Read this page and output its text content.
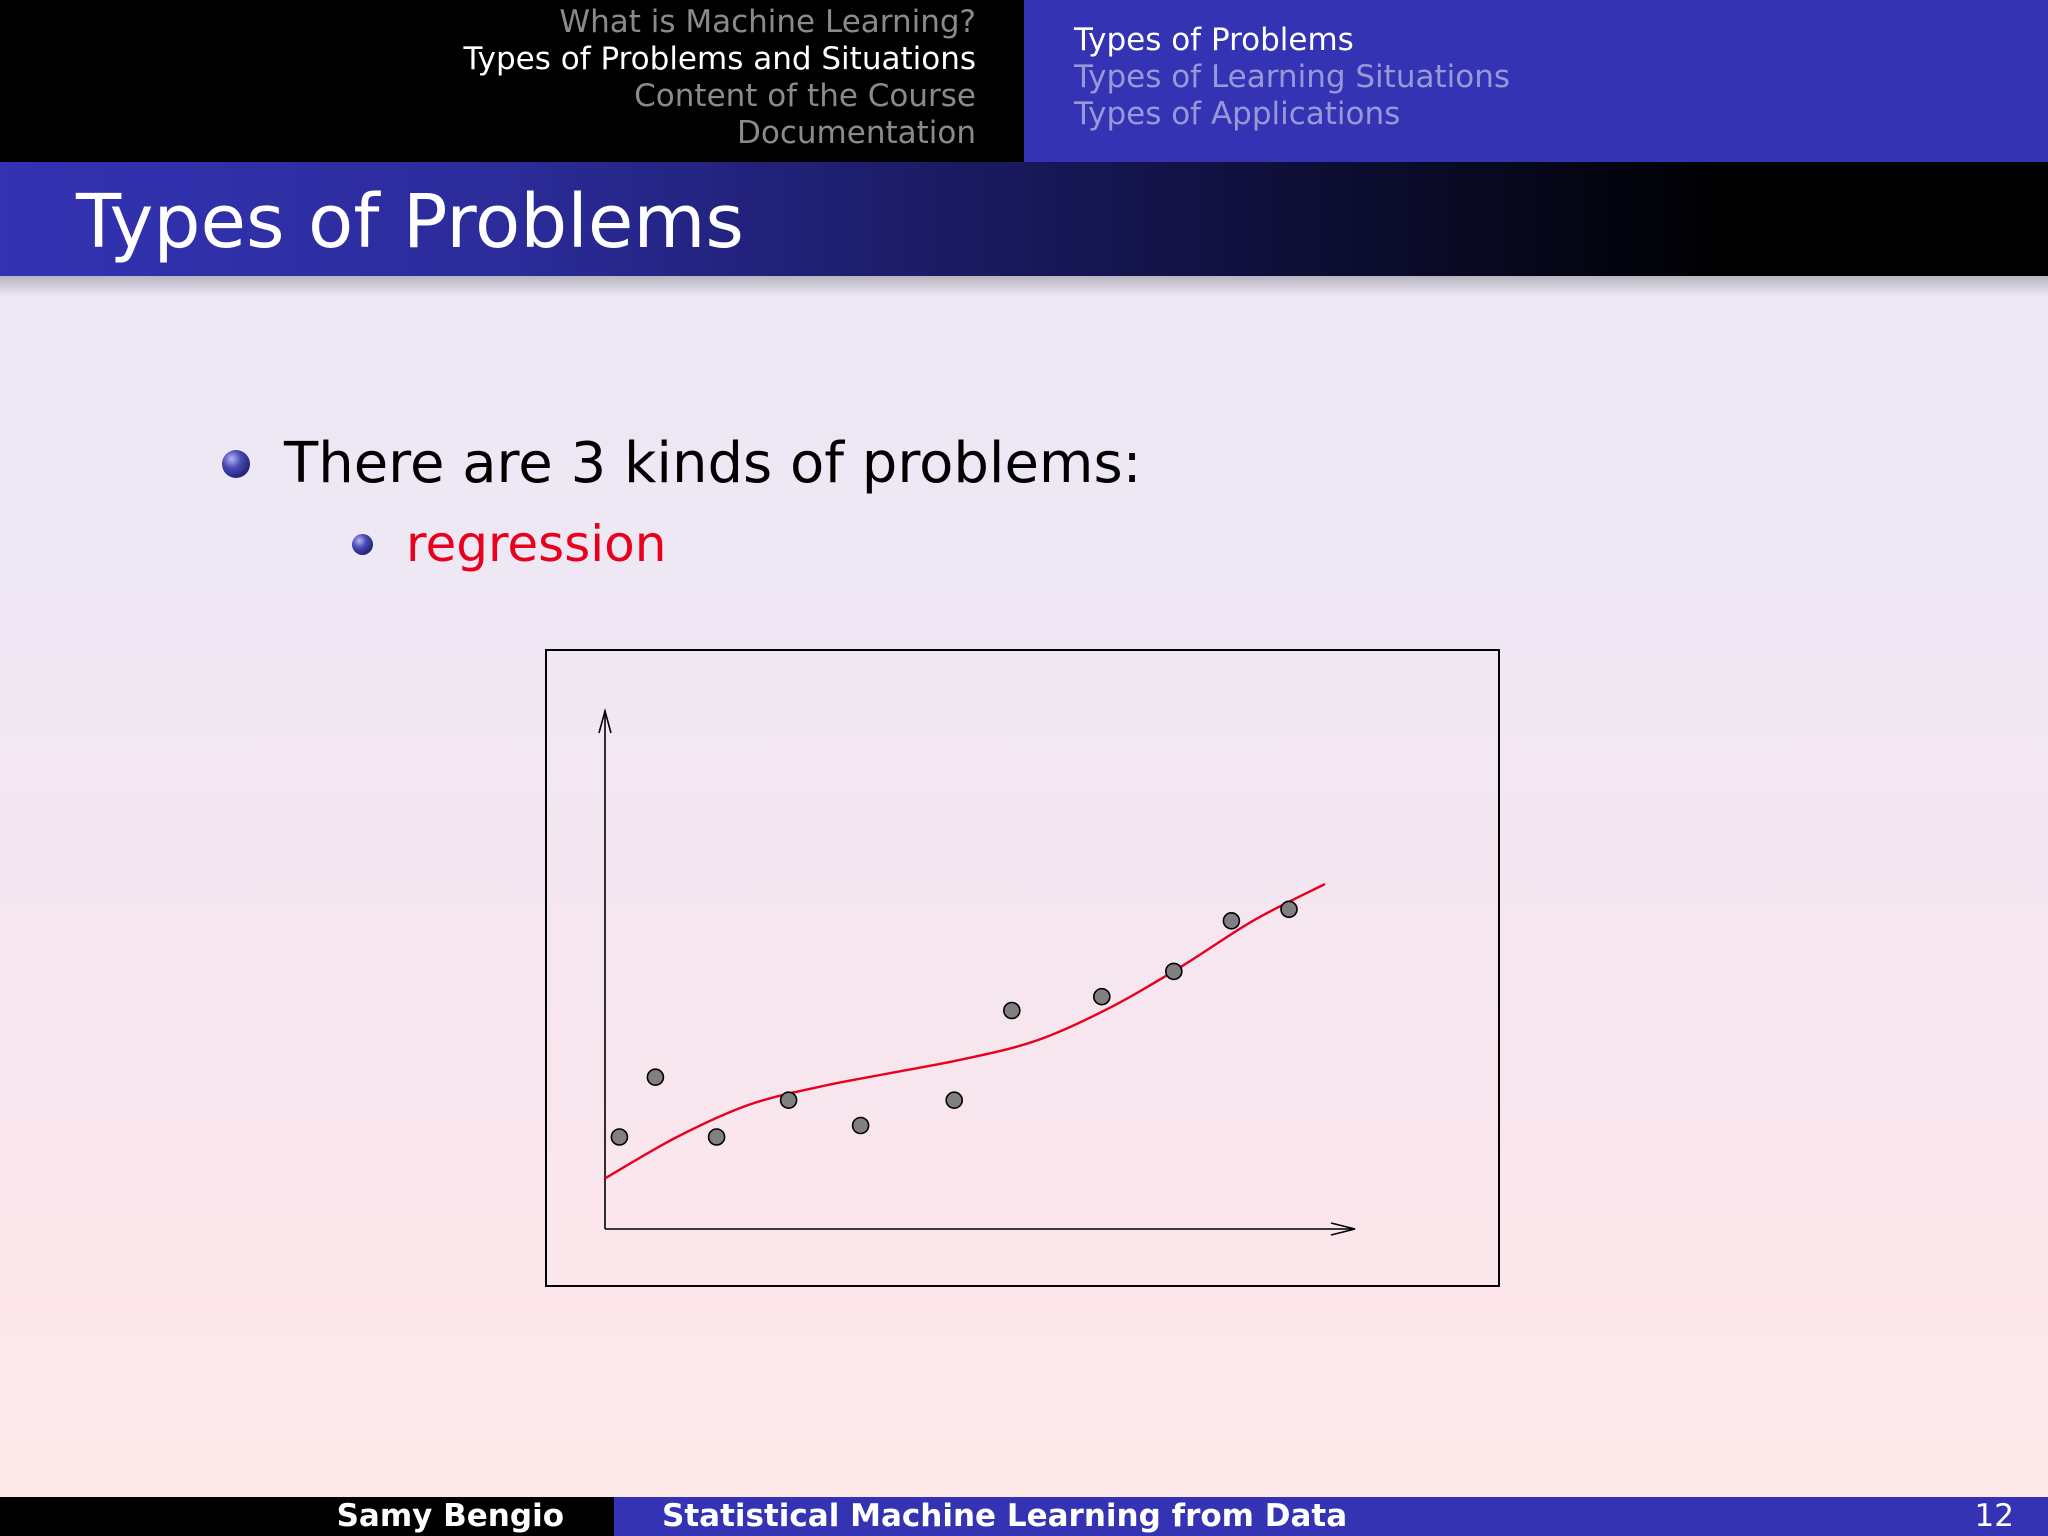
What is Machine Learning?
Types of Problems and Situations
Content of the Course
Documentation
Types of Problems
Types of Learning Situations
Types of Applications
Types of Problems
There are 3 kinds of problems:
regression
Samy Bengio	Statistical Machine Learning from Data	12
